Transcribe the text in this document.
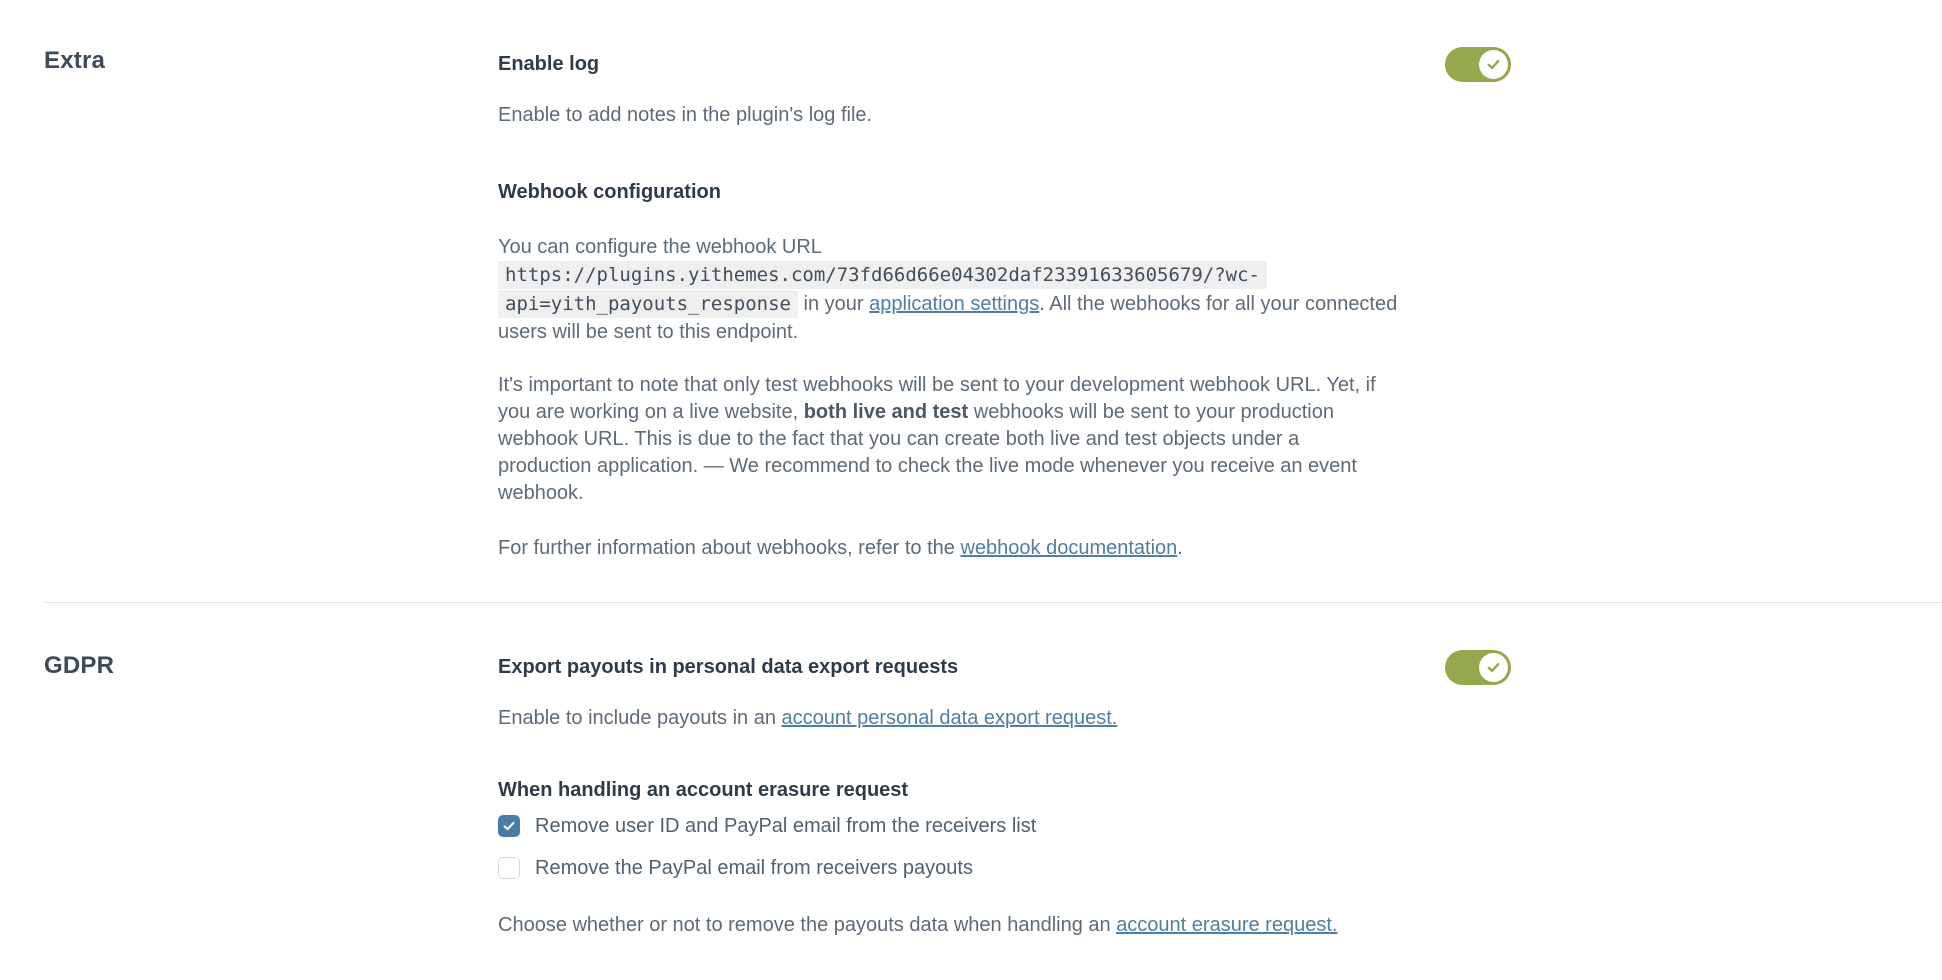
Extra	Enable log

Enable to add notes in the plugin's log file.

Webhook configuration

You can configure the webhook URL https://plugins.yithemes.com/73fd66d66e04302daf23391633605679/?wc-api=yith_payouts_response in your application settings. All the webhooks for all your connected users will be sent to this endpoint.

It's important to note that only test webhooks will be sent to your development webhook URL. Yet, if you are working on a live website, both live and test webhooks will be sent to your production webhook URL. This is due to the fact that you can create both live and test objects under a production application. — We recommend to check the live mode whenever you receive an event webhook.

For further information about webhooks, refer to the webhook documentation.

GDPR	Export payouts in personal data export requests

Enable to include payouts in an account personal data export request.

When handling an account erasure request
Remove user ID and PayPal email from the receivers list
Remove the PayPal email from receivers payouts

Choose whether or not to remove the payouts data when handling an account erasure request.
